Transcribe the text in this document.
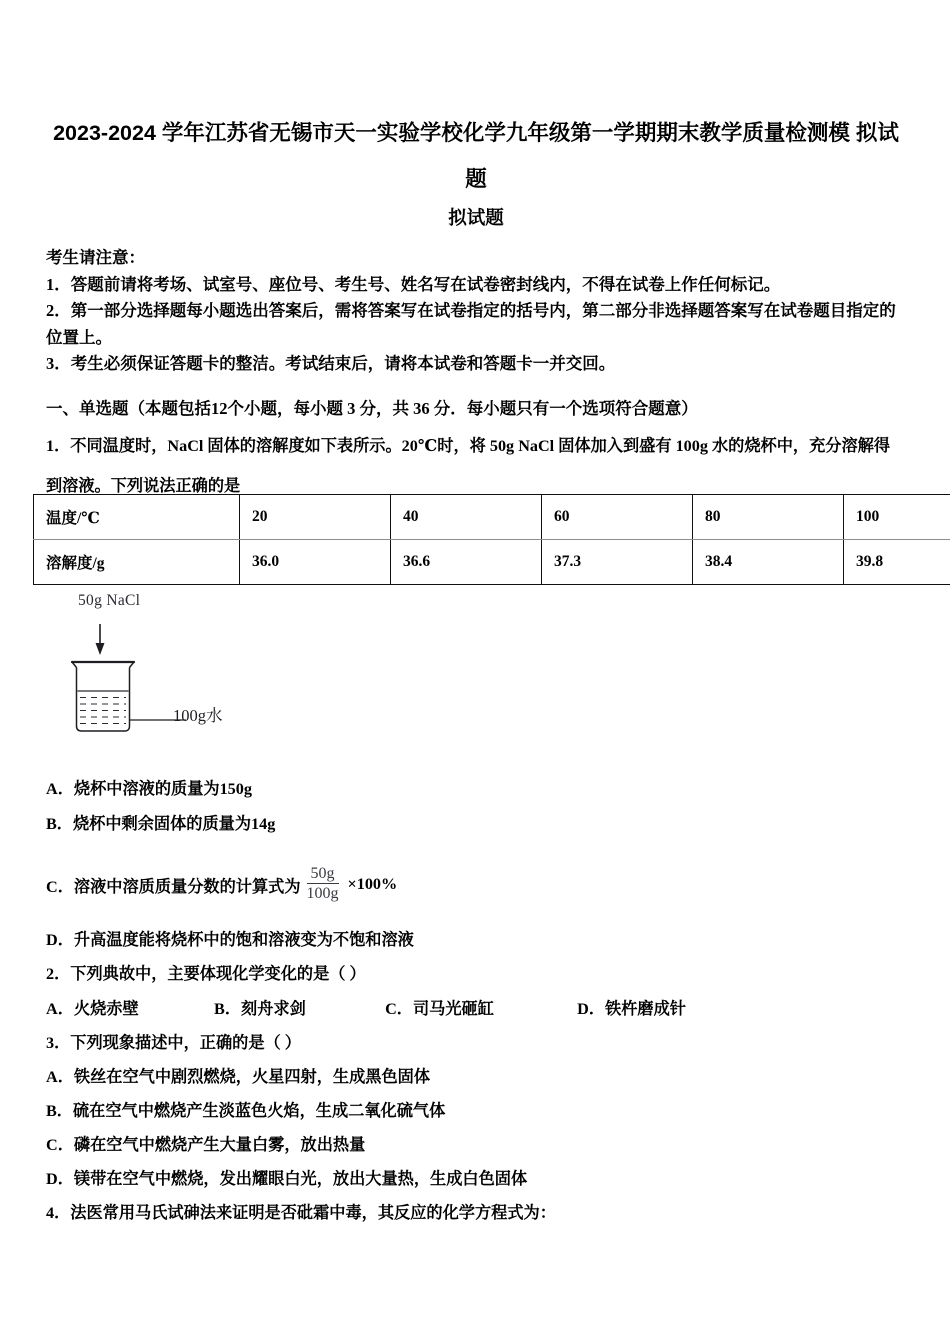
2023-2024 学年江苏省无锡市天一实验学校化学九年级第一学期期末教学质量检测模 拟试题
拟试题
考生请注意：
1．答题前请将考场、试室号、座位号、考生号、姓名写在试卷密封线内，不得在试卷上作任何标记。
2．第一部分选择题每小题选出答案后，需将答案写在试卷指定的括号内，第二部分非选择题答案写在试卷题目指定的位置上。
3．考生必须保证答题卡的整洁。考试结束后，请将本试卷和答题卡一并交回。
一、单选题（本题包括12个小题，每小题 3 分，共 36 分．每小题只有一个选项符合题意）
1．不同温度时，NaCl 固体的溶解度如下表所示。20℃时，将 50g NaCl 固体加入到盛有 100g 水的烧杯中，充分溶解得
到溶液。下列说法正确的是
温度/℃	20	40	60	80	100
溶解度/g	36.0	36.6	37.3	38.4	39.8
50g NaCl
100g水
A．烧杯中溶液的质量为150g
B．烧杯中剩余固体的质量为14g
C．溶液中溶质质量分数的计算式为 $\frac{50g}{100g} \times 100\%$
D．升高温度能将烧杯中的饱和溶液变为不饱和溶液
2．下列典故中，主要体现化学变化的是（ ）
A．火烧赤壁	B．刻舟求剑	C．司马光砸缸	D．铁杵磨成针
3．下列现象描述中，正确的是（ ）
A．铁丝在空气中剧烈燃烧，火星四射，生成黑色固体
B．硫在空气中燃烧产生淡蓝色火焰，生成二氧化硫气体
C．磷在空气中燃烧产生大量白雾，放出热量
D．镁带在空气中燃烧，发出耀眼白光，放出大量热，生成白色固体
4．法医常用马氏试砷法来证明是否砒霜中毒，其反应的化学方程式为：
